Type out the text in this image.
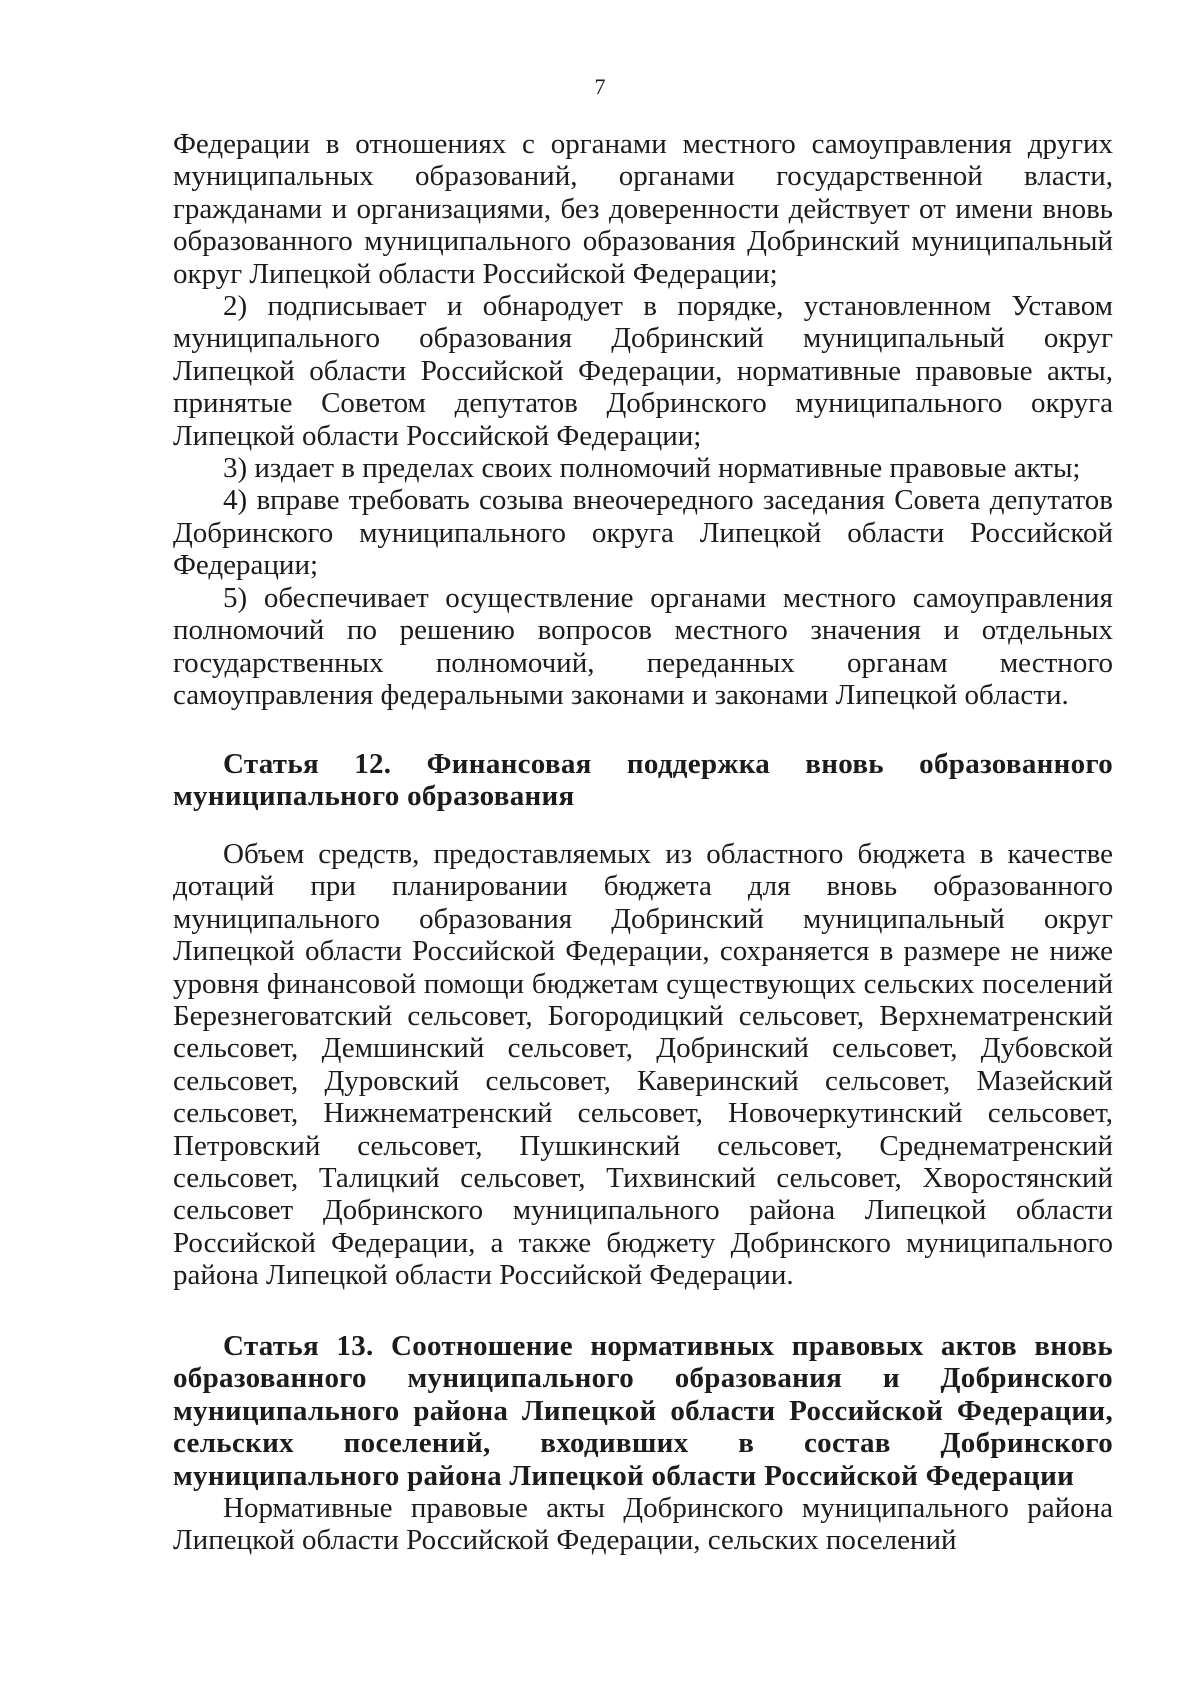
7

Федерации в отношениях с органами местного самоуправления других муниципальных образований, органами государственной власти, гражданами и организациями, без доверенности действует от имени вновь образованного муниципального образования Добринский муниципальный округ Липецкой области Российской Федерации;

2) подписывает и обнародует в порядке, установленном Уставом муниципального образования Добринский муниципальный округ Липецкой области Российской Федерации, нормативные правовые акты, принятые Советом депутатов Добринского муниципального округа Липецкой области Российской Федерации;

3) издает в пределах своих полномочий нормативные правовые акты;

4) вправе требовать созыва внеочередного заседания Совета депутатов Добринского муниципального округа Липецкой области Российской Федерации;

5) обеспечивает осуществление органами местного самоуправления полномочий по решению вопросов местного значения и отдельных государственных полномочий, переданных органам местного самоуправления федеральными законами и законами Липецкой области.

Статья 12. Финансовая поддержка вновь образованного муниципального образования
Объем средств, предоставляемых из областного бюджета в качестве дотаций при планировании бюджета для вновь образованного муниципального образования Добринский муниципальный округ Липецкой области Российской Федерации, сохраняется в размере не ниже уровня финансовой помощи бюджетам существующих сельских поселений Березнеговатский сельсовет, Богородицкий сельсовет, Верхнематренский сельсовет, Демшинский сельсовет, Добринский сельсовет, Дубовской сельсовет, Дуровский сельсовет, Каверинский сельсовет, Мазейский сельсовет, Нижнематренский сельсовет, Новочеркутинский сельсовет, Петровский сельсовет, Пушкинский сельсовет, Среднематренский сельсовет, Талицкий сельсовет, Тихвинский сельсовет, Хворостянский сельсовет Добринского муниципального района Липецкой области Российской Федерации, а также бюджету Добринского муниципального района Липецкой области Российской Федерации.
Статья 13. Соотношение нормативных правовых актов вновь образованного муниципального образования и Добринского муниципального района Липецкой области Российской Федерации, сельских поселений, входивших в состав Добринского муниципального района Липецкой области Российской Федерации
Нормативные правовые акты Добринского муниципального района Липецкой области Российской Федерации, сельских поселений
